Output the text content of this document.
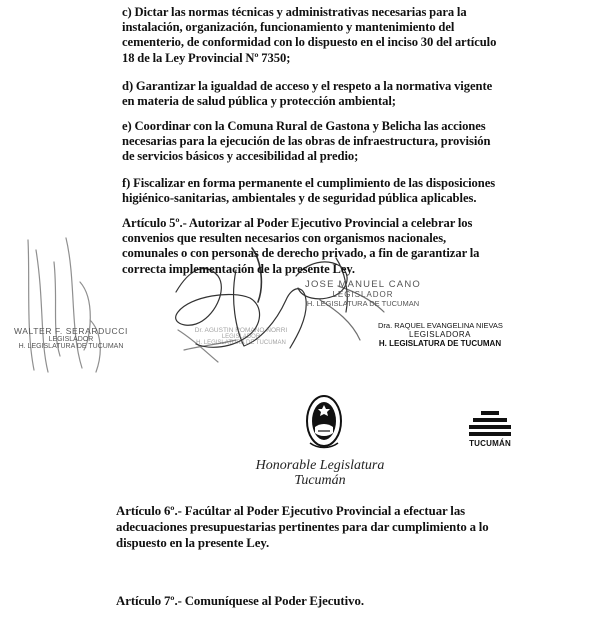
c) Dictar las normas técnicas y administrativas necesarias para la instalación, organización, funcionamiento y mantenimiento del cementerio, de conformidad con lo dispuesto en el inciso 30 del artículo 18 de la Ley Provincial Nº 7350;

d) Garantizar la igualdad de acceso y el respeto a la normativa vigente en materia de salud pública y protección ambiental;

e) Coordinar con la Comuna Rural de Gastona y Belicha las acciones necesarias para la ejecución de las obras de infraestructura, provisión de servicios básicos y accesibilidad al predio;

f) Fiscalizar en forma permanente el cumplimiento de las disposiciones higiénico-sanitarias, ambientales y de seguridad pública aplicables.

Artículo 5º.- Autorizar al Poder Ejecutivo Provincial a celebrar los convenios que resulten necesarios con organismos nacionales, comunales o con personas de derecho privado, a fin de garantizar la correcta implementación de la presente Ley.

JOSE MANUEL CANO
LEGISLADOR
H. LEGISLATURA DE TUCUMAN
WALTER F. SERARDUCCI
LEGISLADOR
H. LEGISLATURA DE TUCUMAN
Dr. AGUSTIN ROMANO NORRI
LEGISLADOR
H. LEGISLATURA DE TUCUMAN
Dra. RAQUEL EVANGELINA NIEVAS
LEGISLADORA
H. LEGISLATURA DE TUCUMAN
TUCUMÁN
Honorable Legislatura
Tucumán

Artículo 6º.- Facúltar al Poder Ejecutivo Provincial a efectuar las adecuaciones presupuestarias pertinentes para dar cumplimiento a lo dispuesto en la presente Ley.

Artículo 7º.- Comuníquese al Poder Ejecutivo.
